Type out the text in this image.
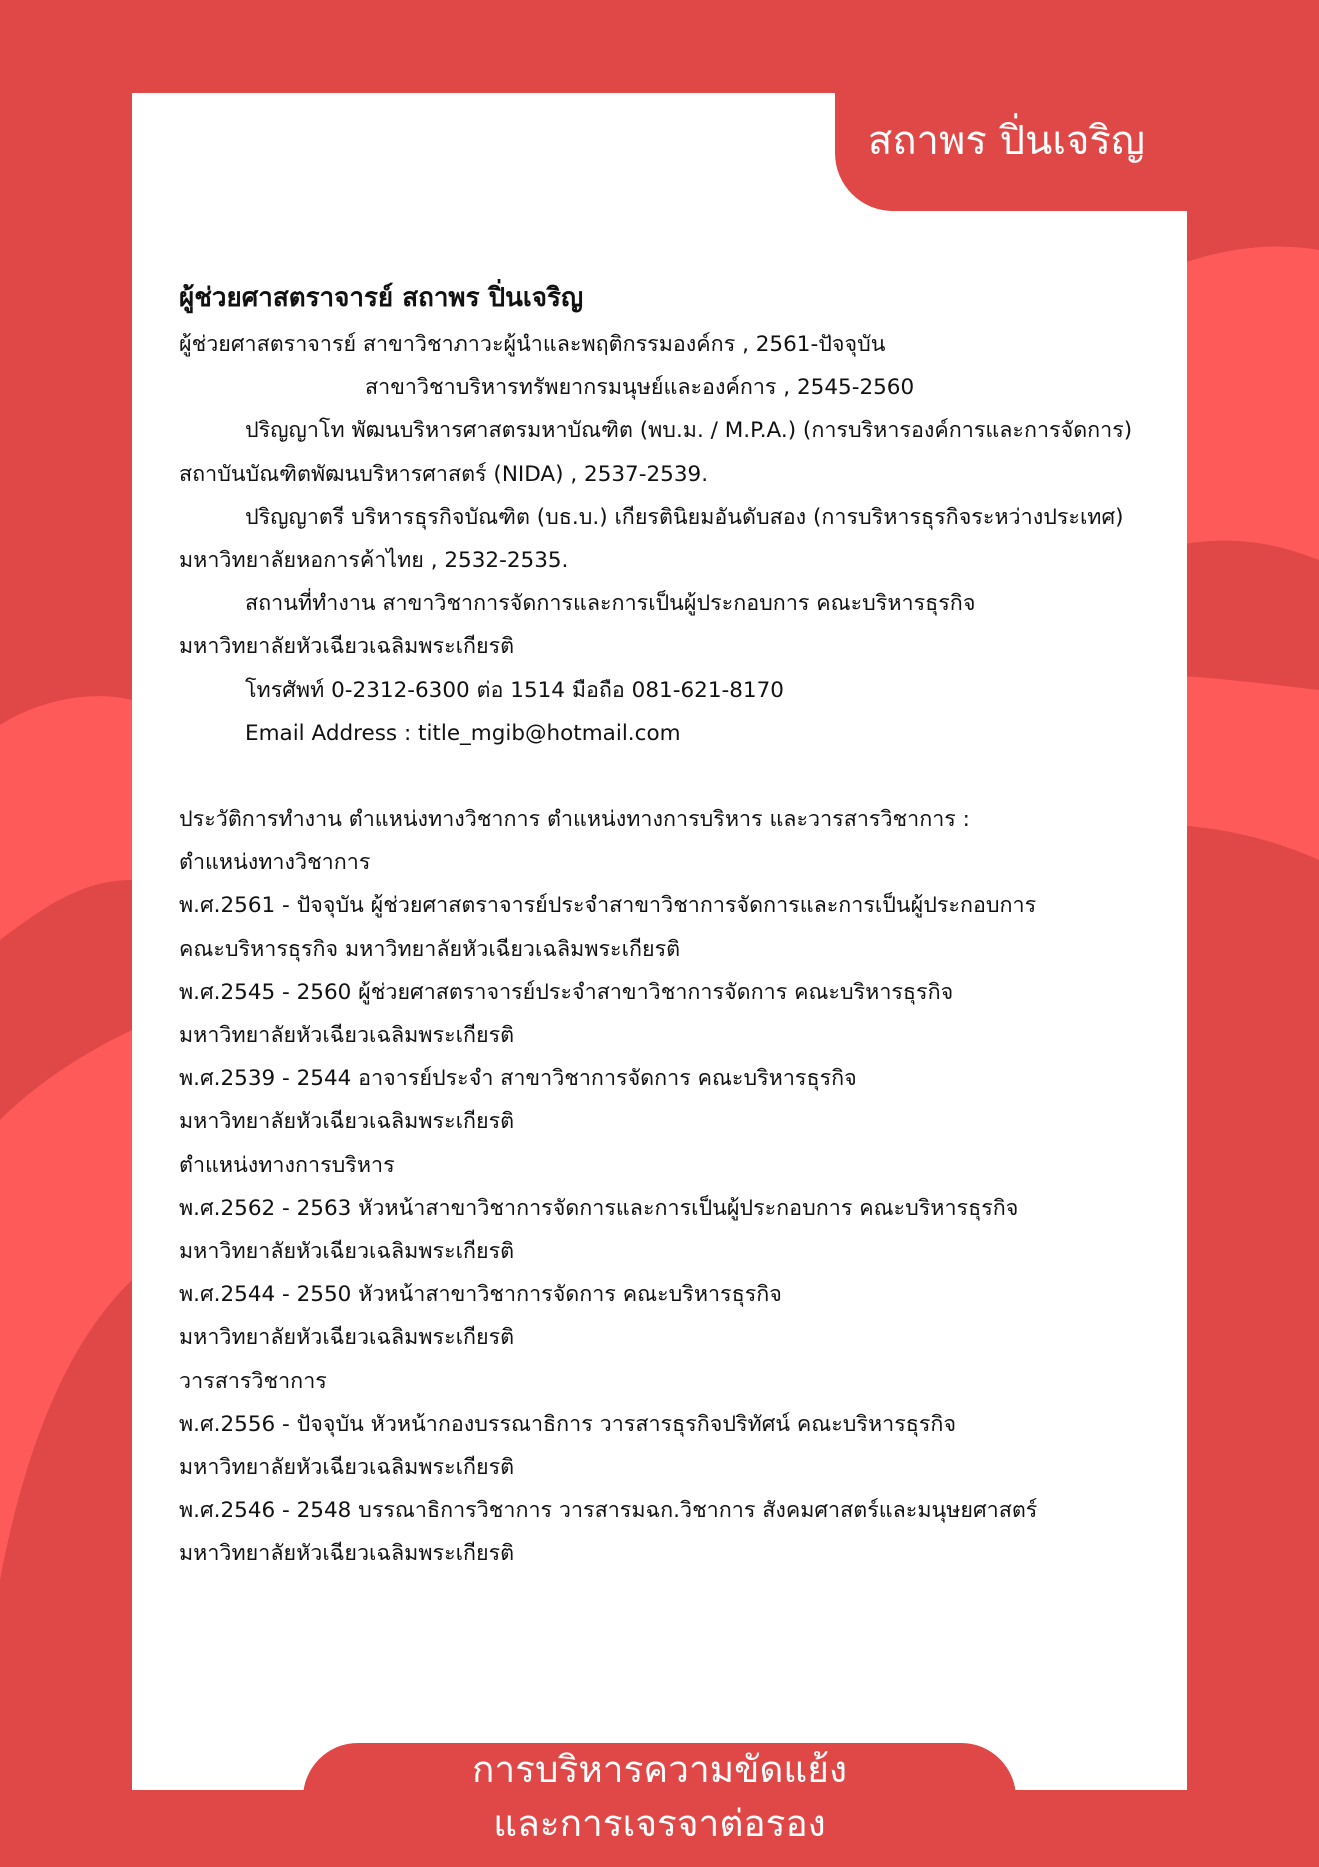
สถาพร ปิ่นเจริญ
ผู้ช่วยศาสตราจารย์ สถาพร ปิ่นเจริญ
ผู้ช่วยศาสตราจารย์ สาขาวิชาภาวะผู้นำและพฤติกรรมองค์กร , 2561-ปัจจุบัน
สาขาวิชาบริหารทรัพยากรมนุษย์และองค์การ , 2545-2560
ปริญญาโท พัฒนบริหารศาสตรมหาบัณฑิต (พบ.ม. / M.P.A.) (การบริหารองค์การและการจัดการ)
สถาบันบัณฑิตพัฒนบริหารศาสตร์ (NIDA) , 2537-2539.
ปริญญาตรี บริหารธุรกิจบัณฑิต (บธ.บ.) เกียรตินิยมอันดับสอง (การบริหารธุรกิจระหว่างประเทศ)
มหาวิทยาลัยหอการค้าไทย , 2532-2535.
สถานที่ทำงาน สาขาวิชาการจัดการและการเป็นผู้ประกอบการ คณะบริหารธุรกิจ
มหาวิทยาลัยหัวเฉียวเฉลิมพระเกียรติ
โทรศัพท์ 0-2312-6300 ต่อ 1514 มือถือ 081-621-8170
Email Address : title_mgib@hotmail.com
ประวัติการทำงาน ตำแหน่งทางวิชาการ ตำแหน่งทางการบริหาร และวารสารวิชาการ :
ตำแหน่งทางวิชาการ
พ.ศ.2561 - ปัจจุบัน ผู้ช่วยศาสตราจารย์ประจำสาขาวิชาการจัดการและการเป็นผู้ประกอบการ
คณะบริหารธุรกิจ มหาวิทยาลัยหัวเฉียวเฉลิมพระเกียรติ
พ.ศ.2545 - 2560 ผู้ช่วยศาสตราจารย์ประจำสาขาวิชาการจัดการ คณะบริหารธุรกิจ
มหาวิทยาลัยหัวเฉียวเฉลิมพระเกียรติ
พ.ศ.2539 - 2544 อาจารย์ประจำ สาขาวิชาการจัดการ คณะบริหารธุรกิจ
มหาวิทยาลัยหัวเฉียวเฉลิมพระเกียรติ
ตำแหน่งทางการบริหาร
พ.ศ.2562 - 2563 หัวหน้าสาขาวิชาการจัดการและการเป็นผู้ประกอบการ คณะบริหารธุรกิจ
มหาวิทยาลัยหัวเฉียวเฉลิมพระเกียรติ
พ.ศ.2544 - 2550 หัวหน้าสาขาวิชาการจัดการ คณะบริหารธุรกิจ
มหาวิทยาลัยหัวเฉียวเฉลิมพระเกียรติ
วารสารวิชาการ
พ.ศ.2556 - ปัจจุบัน หัวหน้ากองบรรณาธิการ วารสารธุรกิจปริทัศน์ คณะบริหารธุรกิจ
มหาวิทยาลัยหัวเฉียวเฉลิมพระเกียรติ
พ.ศ.2546 - 2548 บรรณาธิการวิชาการ วารสารมฉก.วิชาการ สังคมศาสตร์และมนุษยศาสตร์
มหาวิทยาลัยหัวเฉียวเฉลิมพระเกียรติ
การบริหารความขัดแย้ง
และการเจรจาต่อรอง
